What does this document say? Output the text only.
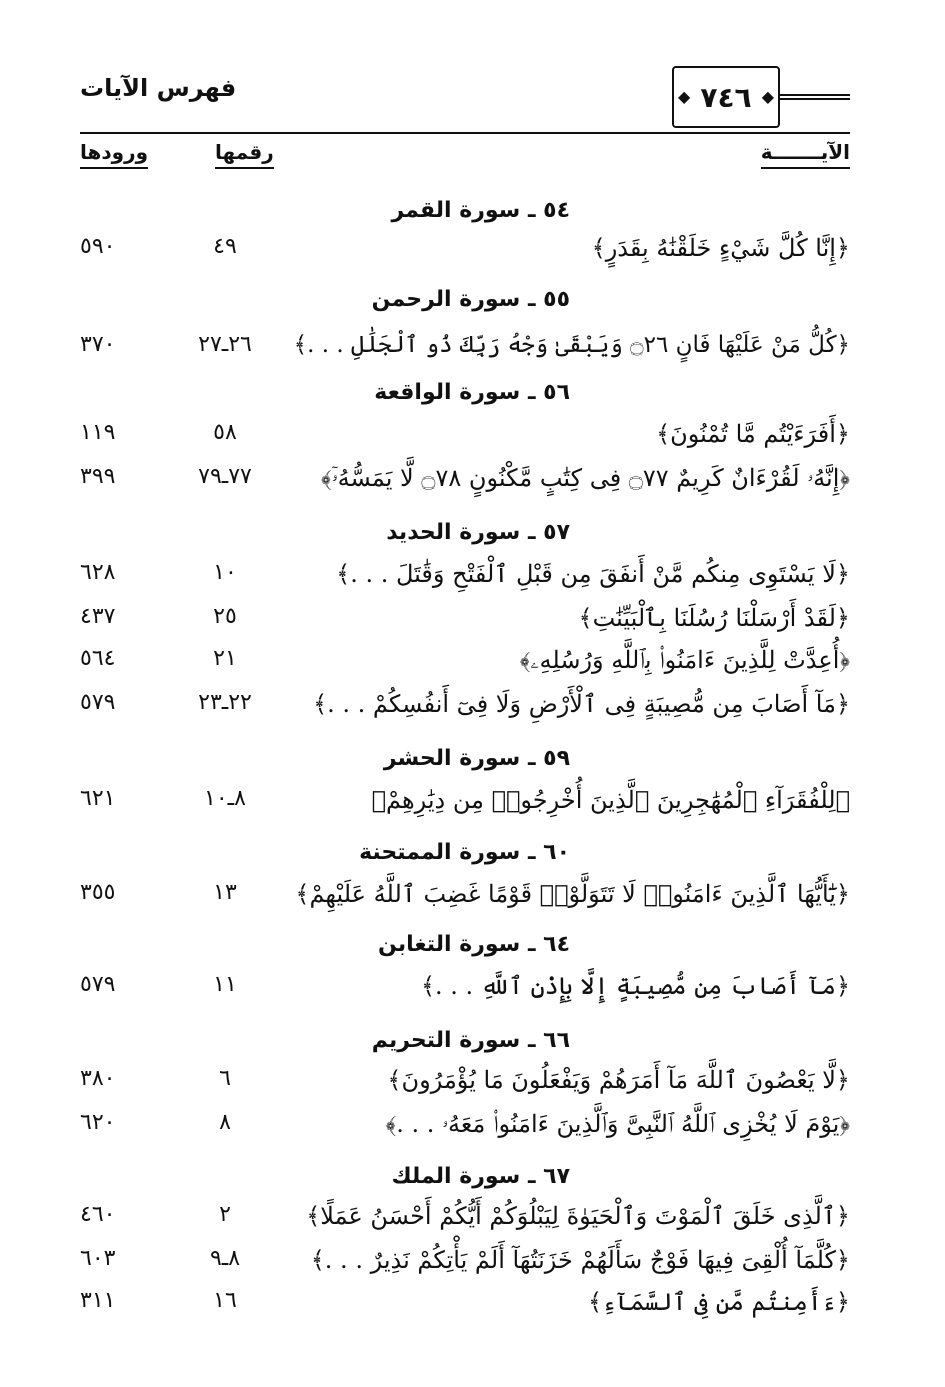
◆ ٧٤٦ ◆
فهرس الآيات
الآيـــــــة
رقمها
ورودها
٥٤ ـ سورة القمر
﴿إِنَّا كُلَّ شَيْءٍ خَلَقْنَٰهُ بِقَدَرٍ﴾
٤٩
٥٩٠
٥٥ ـ سورة الرحمن
﴿كُلُّ مَنْ عَلَيْهَا فَانٍ ۝٢٦ وَيَبْقَىٰ وَجْهُ رَبِّكَ ذُو ٱلْجَلَٰلِ . . .﴾
٢٦ـ٢٧
٣٧٠
٥٦ ـ سورة الواقعة
﴿أَفَرَءَيْتُم مَّا تُمْنُونَ﴾
٥٨
١١٩
﴿إِنَّهُۥ لَقُرْءَانٌ كَرِيمٌ ۝٧٧ فِى كِتَٰبٍ مَّكْنُونٍ ۝٧٨ لَّا يَمَسُّهُۥٓ﴾
٧٧ـ٧٩
٣٩٩
٥٧ ـ سورة الحديد
﴿لَا يَسْتَوِى مِنكُم مَّنْ أَنفَقَ مِن قَبْلِ ٱلْفَتْحِ وَقَٰتَلَ . . .﴾
١٠
٦٢٨
﴿لَقَدْ أَرْسَلْنَا رُسُلَنَا بِٱلْبَيِّنَٰتِ﴾
٢٥
٤٣٧
﴿أُعِدَّتْ لِلَّذِينَ ءَامَنُوا۟ بِٱللَّهِ وَرُسُلِهِۦ﴾
٢١
٥٦٤
﴿مَآ أَصَابَ مِن مُّصِيبَةٍ فِى ٱلْأَرْضِ وَلَا فِىٓ أَنفُسِكُمْ . . .﴾
٢٢ـ٢٣
٥٧٩
٥٩ ـ سورة الحشر
﴿لِلْفُقَرَآءِ ٱلْمُهَٰجِرِينَ ٱلَّذِينَ أُخْرِجُوا۟ مِن دِيَٰرِهِمْ﴾
٨ـ١٠
٦٢١
٦٠ ـ سورة الممتحنة
﴿يَٰٓأَيُّهَا ٱلَّذِينَ ءَامَنُوا۟ لَا تَتَوَلَّوْا۟ قَوْمًا غَضِبَ ٱللَّهُ عَلَيْهِمْ﴾
١٣
٣٥٥
٦٤ ـ سورة التغابن
﴿مَآ أَصَابَ مِن مُّصِيبَةٍ إِلَّا بِإِذْنِ ٱللَّهِ . . .﴾
١١
٥٧٩
٦٦ ـ سورة التحريم
﴿لَّا يَعْصُونَ ٱللَّهَ مَآ أَمَرَهُمْ وَيَفْعَلُونَ مَا يُؤْمَرُونَ﴾
٦
٣٨٠
﴿يَوْمَ لَا يُخْزِى ٱللَّهُ ٱلنَّبِىَّ وَٱلَّذِينَ ءَامَنُوا۟ مَعَهُۥ . . .﴾
٨
٦٢٠
٦٧ ـ سورة الملك
﴿ٱلَّذِى خَلَقَ ٱلْمَوْتَ وَٱلْحَيَوٰةَ لِيَبْلُوَكُمْ أَيُّكُمْ أَحْسَنُ عَمَلًا﴾
٢
٤٦٠
﴿كُلَّمَآ أُلْقِىَ فِيهَا فَوْجٌ سَأَلَهُمْ خَزَنَتُهَآ أَلَمْ يَأْتِكُمْ نَذِيرٌ . . .﴾
٨ـ٩
٦٠٣
﴿ءَأَمِنتُم مَّن فِى ٱلسَّمَآءِ﴾
١٦
٣١١
